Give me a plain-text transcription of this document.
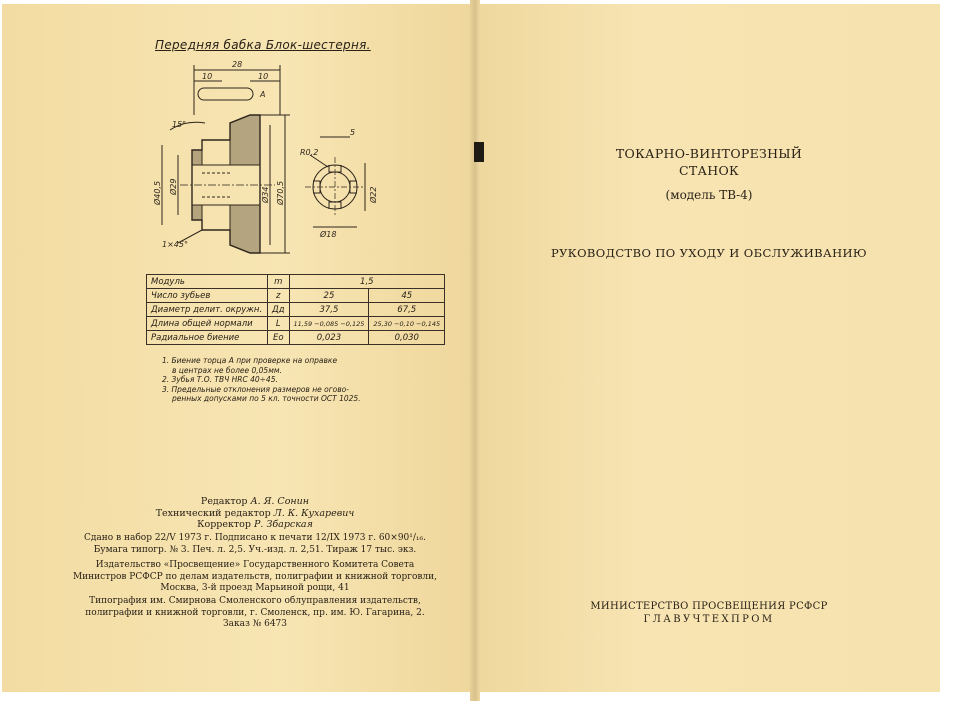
Передняя бабка Блок-шестерня.
28
10	10
A
15°
Ø40,5 Ø29	Ø34 Ø70,5
1×45°
R0,2
5
Ø22
Ø18
Модуль	m	1,5	
Число зубьев	z	25	45
Диаметр делит. окружн.	Дд	37,5	67,5
Длина общей нормали	L	11,59 −0,085 −0,125	25,30 −0,10 −0,145
Радиальное биение	Eo	0,023	0,030
1. Биение торца А при проверке на оправке
в центрах не более 0,05мм.
2. Зубья Т.О. ТВЧ HRC 40÷45.
3. Предельные отклонения размеров не огово-
ренных допусками по 5 кл. точности ОСТ 1025.
Редактор А. Я. Сонин
Технический редактор Л. К. Кухаревич
Корректор Р. Збарская
Сдано в набор 22/V 1973 г. Подписано к печати 12/IX 1973 г. 60×90¹/₁₆.
Бумага типогр. № 3. Печ. л. 2,5. Уч.-изд. л. 2,51. Тираж 17 тыс. экз.
Издательство «Просвещение» Государственного Комитета Совета
Министров РСФСР по делам издательств, полиграфии и книжной торговли,
Москва, 3-й проезд Марьиной рощи, 41
Типография им. Смирнова Смоленского облуправления издательств,
полиграфии и книжной торговли, г. Смоленск, пр. им. Ю. Гагарина, 2.
Заказ № 6473
ТОКАРНО-ВИНТОРЕЗНЫЙ
СТАНОК
(модель ТВ-4)
РУКОВОДСТВО ПО УХОДУ И ОБСЛУЖИВАНИЮ
МИНИСТЕРСТВО ПРОСВЕЩЕНИЯ РСФСР
ГЛАВУЧТЕХПРОМ
